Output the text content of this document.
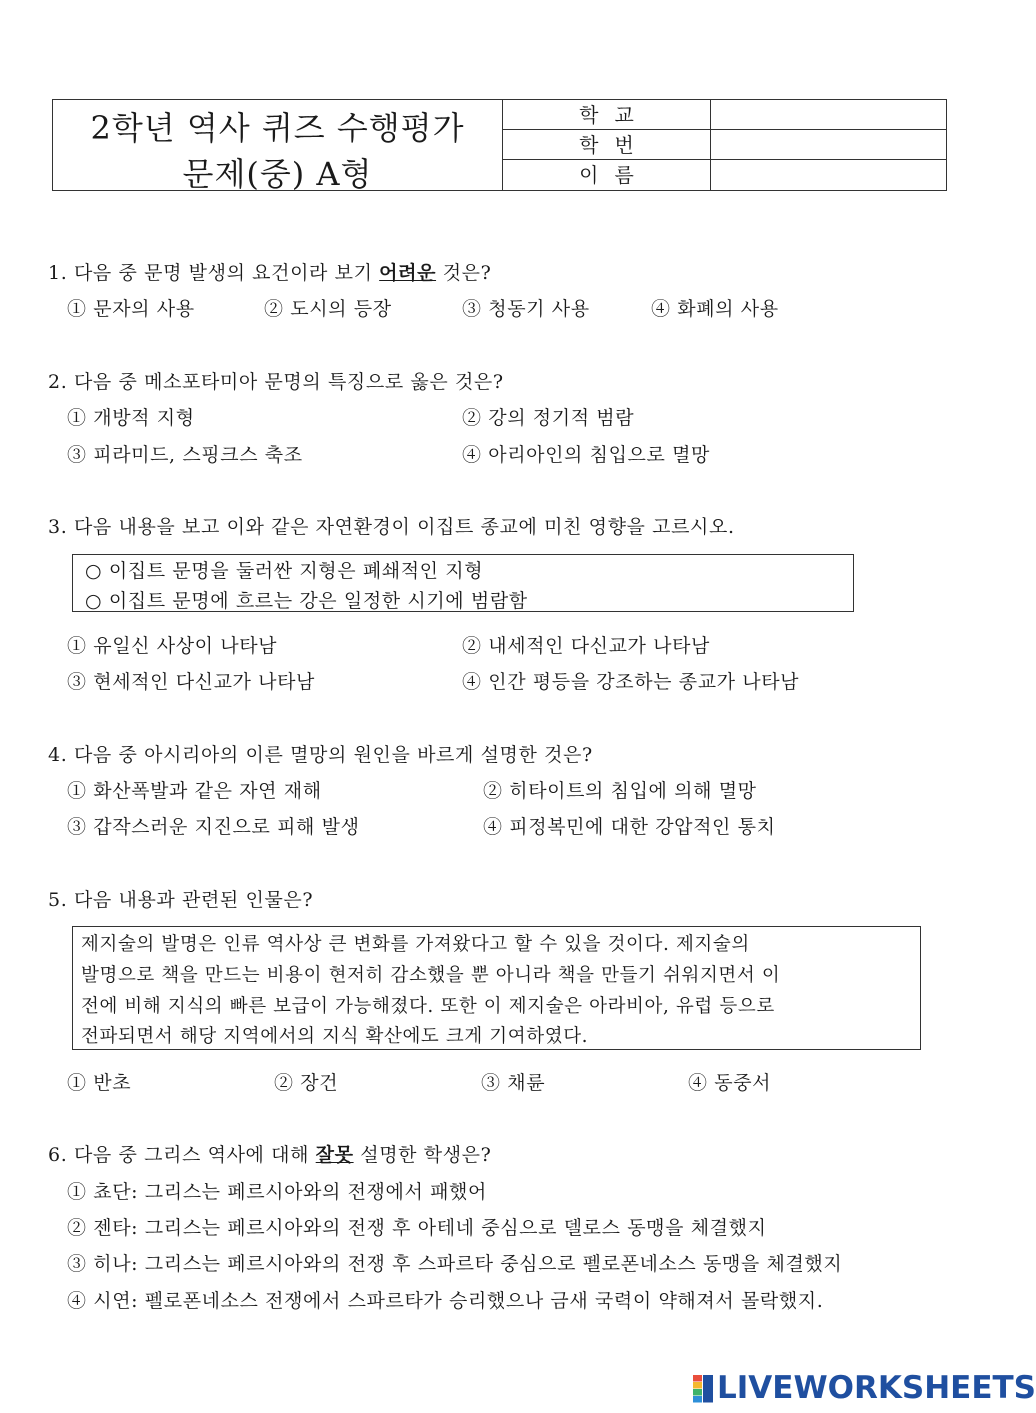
2학년 역사 퀴즈 수행평가
문제(중) A형
학교
학번
이름
1. 다음 중 문명 발생의 요건이라 보기 어려운 것은?
① 문자의 사용	② 도시의 등장	③ 청동기 사용	④ 화폐의 사용
2. 다음 중 메소포타미아 문명의 특징으로 옳은 것은?
① 개방적 지형	② 강의 정기적 범람
③ 피라미드, 스핑크스 축조	④ 아리아인의 침입으로 멸망
3. 다음 내용을 보고 이와 같은 자연환경이 이집트 종교에 미친 영향을 고르시오.
○ 이집트 문명을 둘러싼 지형은 폐쇄적인 지형
○ 이집트 문명에 흐르는 강은 일정한 시기에 범람함
① 유일신 사상이 나타남	② 내세적인 다신교가 나타남
③ 현세적인 다신교가 나타남	④ 인간 평등을 강조하는 종교가 나타남
4. 다음 중 아시리아의 이른 멸망의 원인을 바르게 설명한 것은?
① 화산폭발과 같은 자연 재해	② 히타이트의 침입에 의해 멸망
③ 갑작스러운 지진으로 피해 발생	④ 피정복민에 대한 강압적인 통치
5. 다음 내용과 관련된 인물은?
제지술의 발명은 인류 역사상 큰 변화를 가져왔다고 할 수 있을 것이다. 제지술의
발명으로 책을 만드는 비용이 현저히 감소했을 뿐 아니라 책을 만들기 쉬워지면서 이
전에 비해 지식의 빠른 보급이 가능해졌다. 또한 이 제지술은 아라비아, 유럽 등으로
전파되면서 해당 지역에서의 지식 확산에도 크게 기여하였다.
① 반초	② 장건	③ 채륜	④ 동중서
6. 다음 중 그리스 역사에 대해 잘못 설명한 학생은?
① 쵸단: 그리스는 페르시아와의 전쟁에서 패했어
② 젠타: 그리스는 페르시아와의 전쟁 후 아테네 중심으로 델로스 동맹을 체결했지
③ 히나: 그리스는 페르시아와의 전쟁 후 스파르타 중심으로 펠로폰네소스 동맹을 체결했지
④ 시연: 펠로폰네소스 전쟁에서 스파르타가 승리했으나 금새 국력이 약해져서 몰락했지.
LIVEWORKSHEETS
